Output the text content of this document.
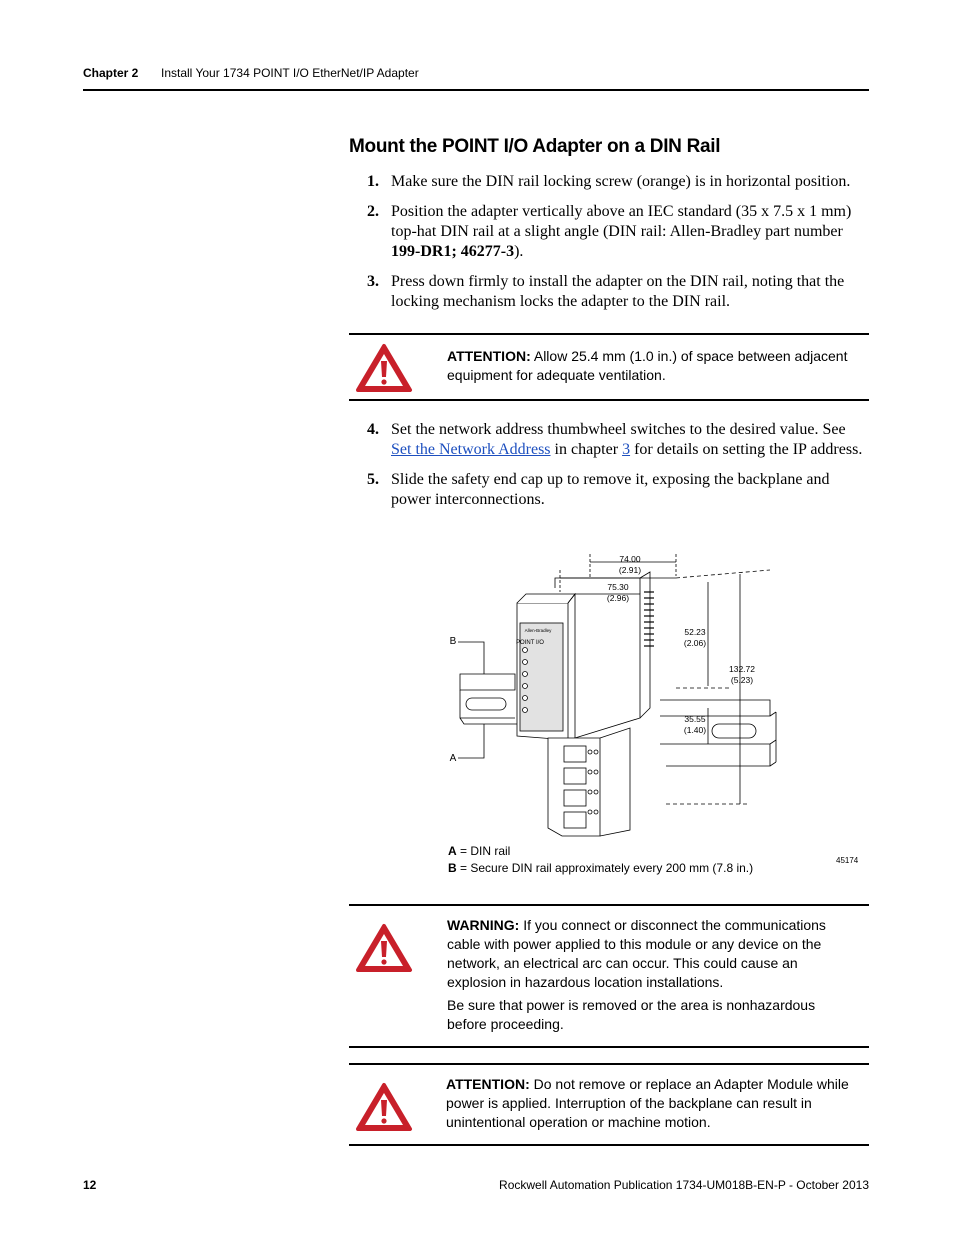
Chapter 2 Install Your 1734 POINT I/O EtherNet/IP Adapter
Mount the POINT I/O Adapter on a DIN Rail
1. Make sure the DIN rail locking screw (orange) is in horizontal position.
2. Position the adapter vertically above an IEC standard (35 x 7.5 x 1 mm) top-hat DIN rail at a slight angle (DIN rail: Allen-Bradley part number 199-DR1; 46277-3).
3. Press down firmly to install the adapter on the DIN rail, noting that the locking mechanism locks the adapter to the DIN rail.

ATTENTION: Allow 25.4 mm (1.0 in.) of space between adjacent equipment for adequate ventilation.

4. Set the network address thumbwheel switches to the desired value. See Set the Network Address in chapter 3 for details on setting the IP address.
5. Slide the safety end cap up to remove it, exposing the backplane and power interconnections.
74.00
(2.91)
75.30
(2.96)
52.23
(2.06)
132.72
(5.23)
35.55
(1.40)
B
A
Allen-Bradley
POINT I/O
A = DIN rail
B = Secure DIN rail approximately every 200 mm (7.8 in.)
45174

WARNING: If you connect or disconnect the communications cable with power applied to this module or any device on the network, an electrical arc can occur. This could cause an explosion in hazardous location installations.

Be sure that power is removed or the area is nonhazardous before proceeding.

ATTENTION: Do not remove or replace an Adapter Module while power is applied. Interruption of the backplane can result in unintentional operation or machine motion.

12	Rockwell Automation Publication 1734-UM018B-EN-P - October 2013
